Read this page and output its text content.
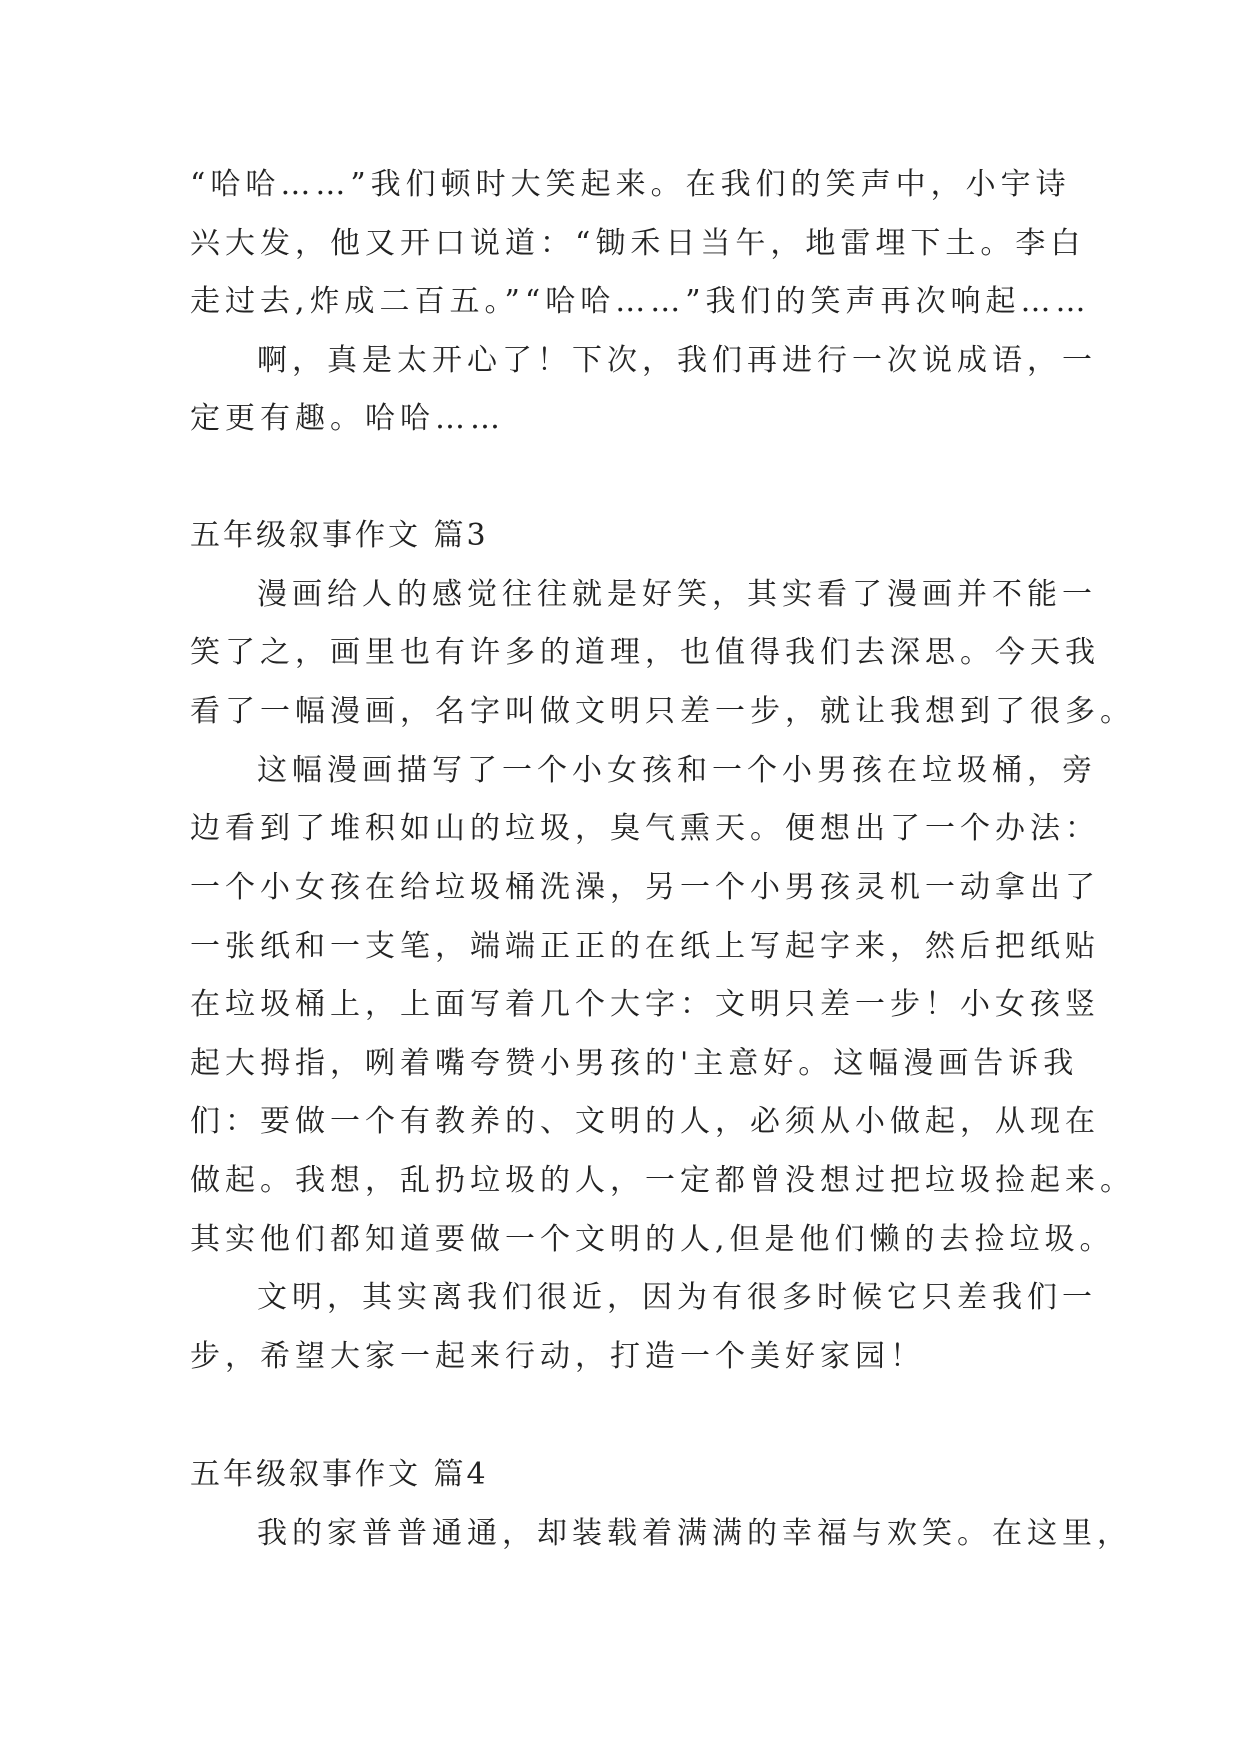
“哈哈……”我们顿时大笑起来。在我们的笑声中，小宇诗
兴大发，他又开口说道：“锄禾日当午，地雷埋下土。李白
走过去,炸成二百五。”“哈哈……”我们的笑声再次响起……
啊，真是太开心了！下次，我们再进行一次说成语，一
定更有趣。哈哈……
五年级叙事作文 篇3
漫画给人的感觉往往就是好笑，其实看了漫画并不能一
笑了之，画里也有许多的道理，也值得我们去深思。今天我
看了一幅漫画，名字叫做文明只差一步，就让我想到了很多。
这幅漫画描写了一个小女孩和一个小男孩在垃圾桶，旁
边看到了堆积如山的垃圾，臭气熏天。便想出了一个办法：
一个小女孩在给垃圾桶洗澡，另一个小男孩灵机一动拿出了
一张纸和一支笔，端端正正的在纸上写起字来，然后把纸贴
在垃圾桶上，上面写着几个大字：文明只差一步！小女孩竖
起大拇指，咧着嘴夸赞小男孩的'主意好。这幅漫画告诉我
们：要做一个有教养的、文明的人，必须从小做起，从现在
做起。我想，乱扔垃圾的人，一定都曾没想过把垃圾捡起来。
其实他们都知道要做一个文明的人,但是他们懒的去捡垃圾。
文明，其实离我们很近，因为有很多时候它只差我们一
步，希望大家一起来行动，打造一个美好家园！
五年级叙事作文 篇4
我的家普普通通，却装载着满满的幸福与欢笑。在这里，
